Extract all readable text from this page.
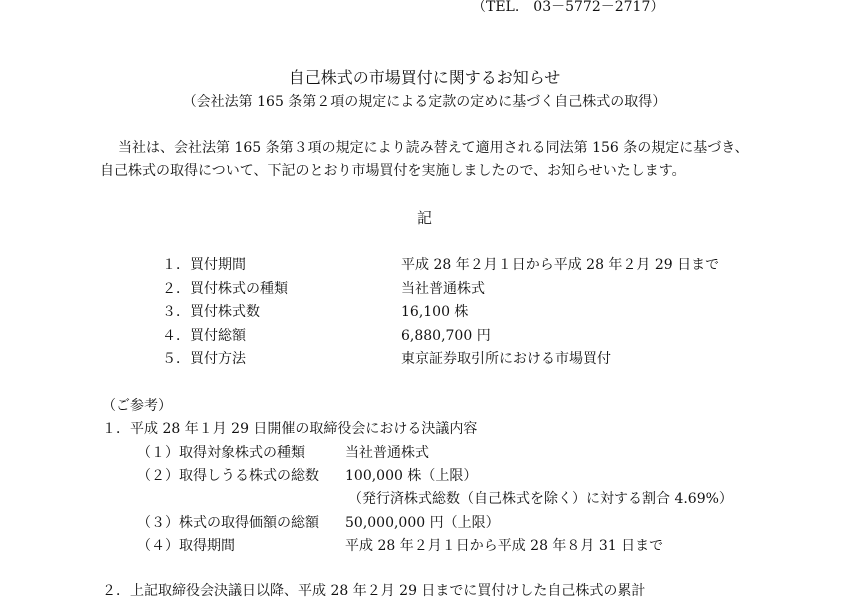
（TEL.　03－5772－2717）
自己株式の市場買付に関するお知らせ
（会社法第 165 条第２項の規定による定款の定めに基づく自己株式の取得）
当社は、会社法第 165 条第３項の規定により読み替えて適用される同法第 156 条の規定に基づき、
自己株式の取得について、下記のとおり市場買付を実施しましたので、お知らせいたします。
記
１．買付期間	平成 28 年２月１日から平成 28 年２月 29 日まで
２．買付株式の種類	当社普通株式
３．買付株式数	16,100 株
４．買付総額	6,880,700 円
５．買付方法	東京証券取引所における市場買付
（ご参考）
１．平成 28 年１月 29 日開催の取締役会における決議内容
（１）取得対象株式の種類	当社普通株式
（２）取得しうる株式の総数 100,000 株（上限）
（発行済株式総数（自己株式を除く）に対する割合 4.69%）
（３）株式の取得価額の総額 50,000,000 円（上限）
（４）取得期間	平成 28 年２月１日から平成 28 年８月 31 日まで
２．上記取締役会決議日以降、平成 28 年２月 29 日までに買付けした自己株式の累計
